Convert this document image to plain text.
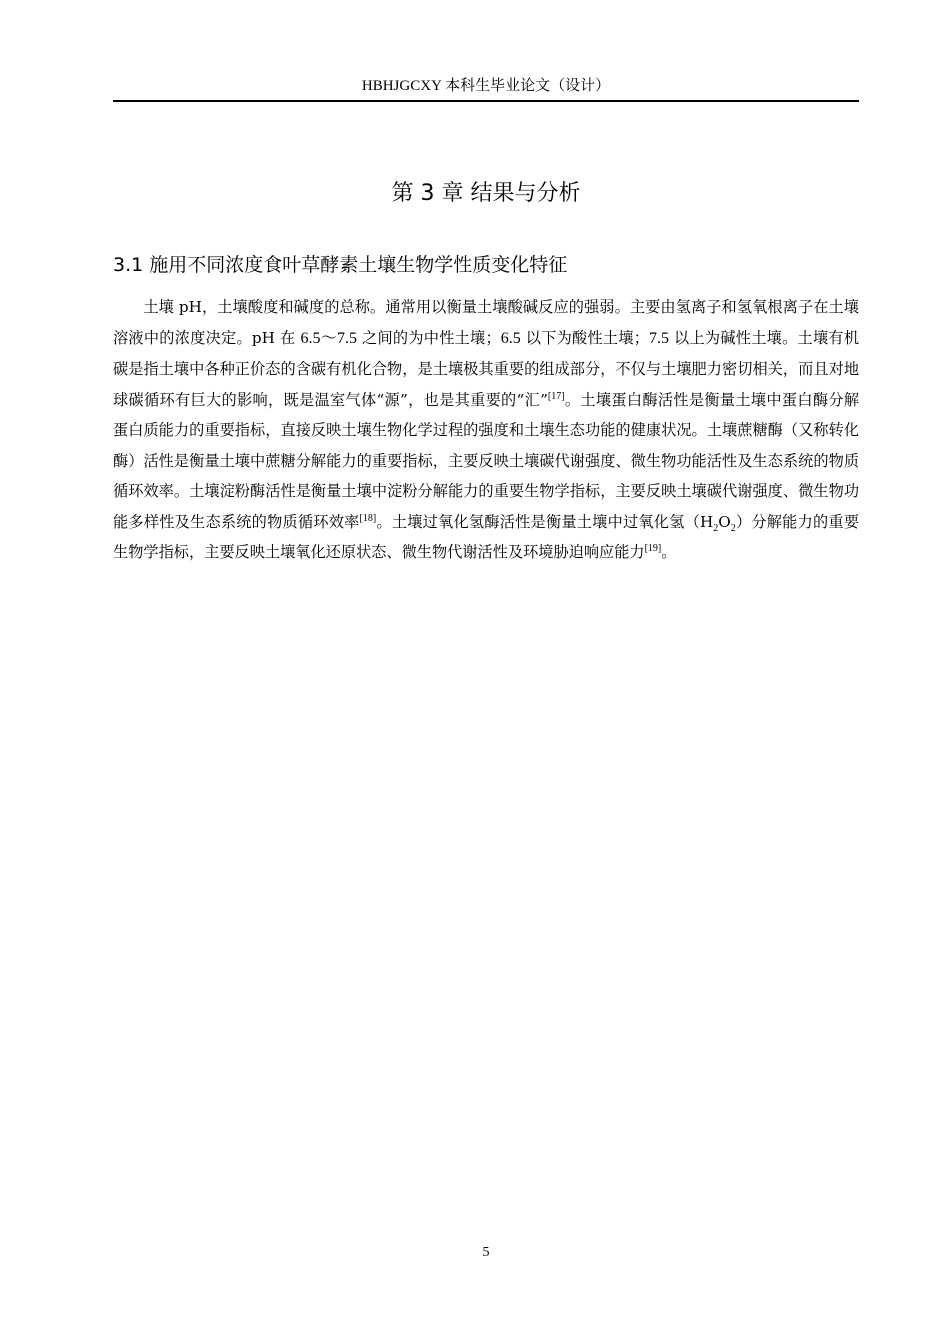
HBHJGCXY 本科生毕业论文（设计）
第 3 章 结果与分析
3.1 施用不同浓度食叶草酵素土壤生物学性质变化特征

土壤 pH，土壤酸度和碱度的总称。通常用以衡量土壤酸碱反应的强弱。主要由氢离子和氢氧根离子在土壤溶液中的浓度决定。pH 在 6.5～7.5 之间的为中性土壤；6.5 以下为酸性土壤；7.5 以上为碱性土壤。土壤有机碳是指土壤中各种正价态的含碳有机化合物，是土壤极其重要的组成部分，不仅与土壤肥力密切相关，而且对地球碳循环有巨大的影响，既是温室气体“源”，也是其重要的“汇”[17]。土壤蛋白酶活性是衡量土壤中蛋白酶分解蛋白质能力的重要指标，直接反映土壤生物化学过程的强度和土壤生态功能的健康状况。土壤蔗糖酶（又称转化酶）活性是衡量土壤中蔗糖分解能力的重要指标，主要反映土壤碳代谢强度、微生物功能活性及生态系统的物质循环效率。土壤淀粉酶活性是衡量土壤中淀粉分解能力的重要生物学指标，主要反映土壤碳代谢强度、微生物功能多样性及生态系统的物质循环效率[18]。土壤过氧化氢酶活性是衡量土壤中过氧化氢$(H_2O_2)$分解能力的重要生物学指标，主要反映土壤氧化还原状态、微生物代谢活性及环境胁迫响应能力[19]。

5
